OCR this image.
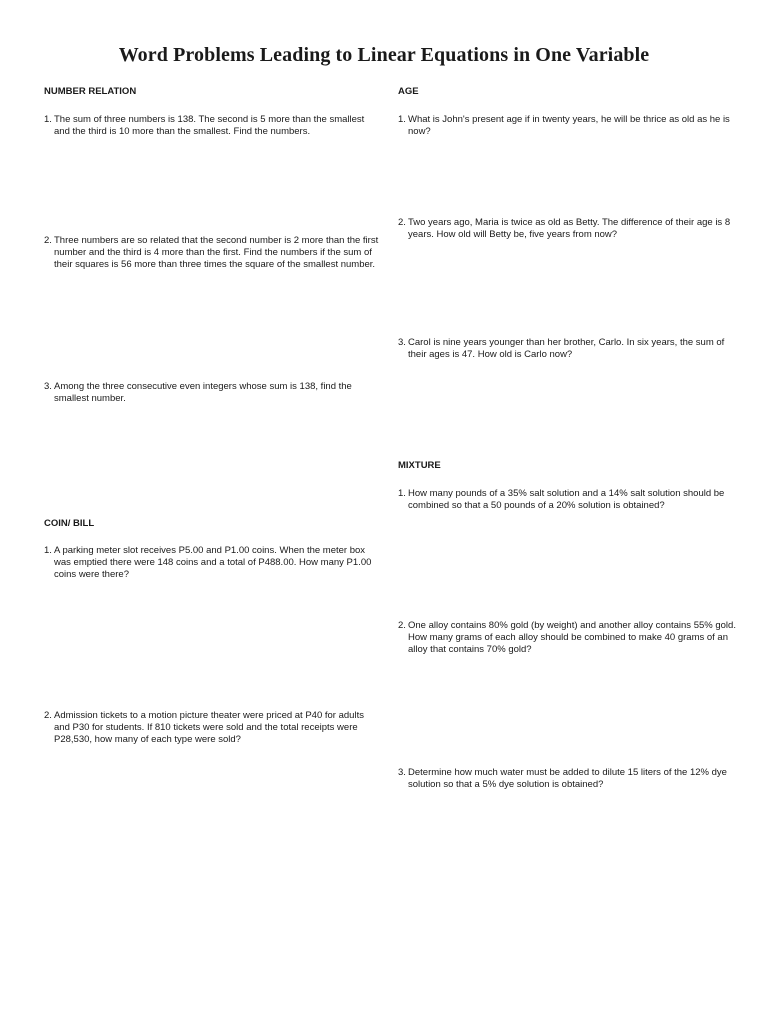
Word Problems Leading to Linear Equations in One Variable
NUMBER RELATION
1. The sum of three numbers is 138. The second is 5 more than the smallest and the third is 10 more than the smallest. Find the numbers.
2. Three numbers are so related that the second number is 2 more than the first number and the third is 4 more than the first. Find the numbers if the sum of their squares is 56 more than three times the square of the smallest number.
3. Among the three consecutive even integers whose sum is 138, find the smallest number.
COIN/ BILL
1. A parking meter slot receives P5.00 and P1.00 coins. When the meter box was emptied there were 148 coins and a total of P488.00. How many P1.00 coins were there?
2. Admission tickets to a motion picture theater were priced at P40 for adults and P30 for students. If 810 tickets were sold and the total receipts were P28,530, how many of each type were sold?
AGE
1. What is John's present age if in twenty years, he will be thrice as old as he is now?
2. Two years ago, Maria is twice as old as Betty. The difference of their age is 8 years. How old will Betty be, five years from now?
3. Carol is nine years younger than her brother, Carlo. In six years, the sum of their ages is 47. How old is Carlo now?
MIXTURE
1. How many pounds of a 35% salt solution and a 14% salt solution should be combined so that a 50 pounds of a 20% solution is obtained?
2. One alloy contains 80% gold (by weight) and another alloy contains 55% gold. How many grams of each alloy should be combined to make 40 grams of an alloy that contains 70% gold?
3. Determine how much water must be added to dilute 15 liters of the 12% dye solution so that a 5% dye solution is obtained?
